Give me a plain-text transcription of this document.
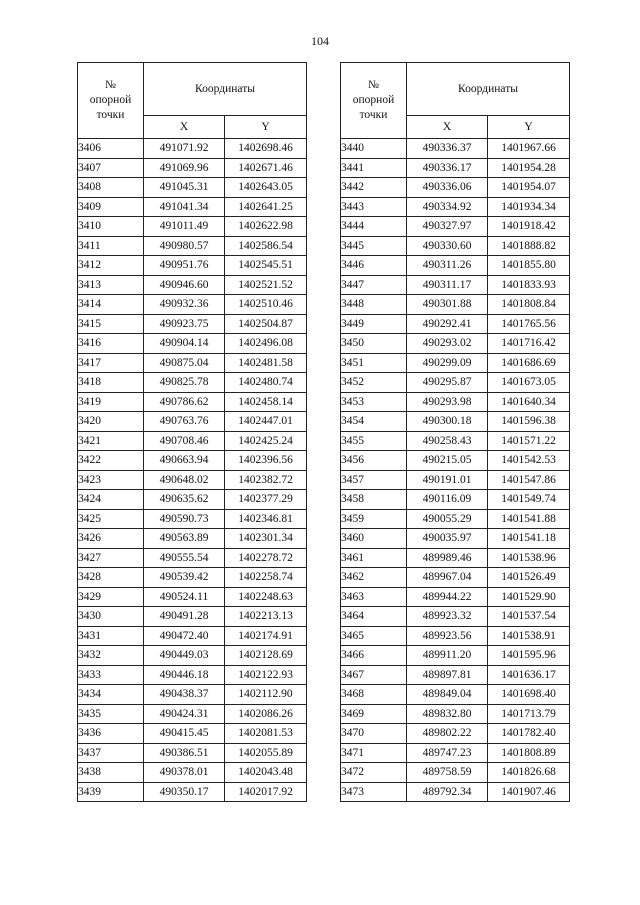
104
№
опорной
точки	Координаты	
	X	Y
3406	491071.92	1402698.46
3407	491069.96	1402671.46
3408	491045.31	1402643.05
3409	491041.34	1402641.25
3410	491011.49	1402622.98
3411	490980.57	1402586.54
3412	490951.76	1402545.51
3413	490946.60	1402521.52
3414	490932.36	1402510.46
3415	490923.75	1402504.87
3416	490904.14	1402496.08
3417	490875.04	1402481.58
3418	490825.78	1402480.74
3419	490786.62	1402458.14
3420	490763.76	1402447.01
3421	490708.46	1402425.24
3422	490663.94	1402396.56
3423	490648.02	1402382.72
3424	490635.62	1402377.29
3425	490590.73	1402346.81
3426	490563.89	1402301.34
3427	490555.54	1402278.72
3428	490539.42	1402258.74
3429	490524.11	1402248.63
3430	490491.28	1402213.13
3431	490472.40	1402174.91
3432	490449.03	1402128.69
3433	490446.18	1402122.93
3434	490438.37	1402112.90
3435	490424.31	1402086.26
3436	490415.45	1402081.53
3437	490386.51	1402055.89
3438	490378.01	1402043.48
3439	490350.17	1402017.92
№
опорной
точки	Координаты	
	X	Y
3440	490336.37	1401967.66
3441	490336.17	1401954.28
3442	490336.06	1401954.07
3443	490334.92	1401934.34
3444	490327.97	1401918.42
3445	490330.60	1401888.82
3446	490311.26	1401855.80
3447	490311.17	1401833.93
3448	490301.88	1401808.84
3449	490292.41	1401765.56
3450	490293.02	1401716.42
3451	490299.09	1401686.69
3452	490295.87	1401673.05
3453	490293.98	1401640.34
3454	490300.18	1401596.38
3455	490258.43	1401571.22
3456	490215.05	1401542.53
3457	490191.01	1401547.86
3458	490116.09	1401549.74
3459	490055.29	1401541.88
3460	490035.97	1401541.18
3461	489989.46	1401538.96
3462	489967.04	1401526.49
3463	489944.22	1401529.90
3464	489923.32	1401537.54
3465	489923.56	1401538.91
3466	489911.20	1401595.96
3467	489897.81	1401636.17
3468	489849.04	1401698.40
3469	489832.80	1401713.79
3470	489802.22	1401782.40
3471	489747.23	1401808.89
3472	489758.59	1401826.68
3473	489792.34	1401907.46
